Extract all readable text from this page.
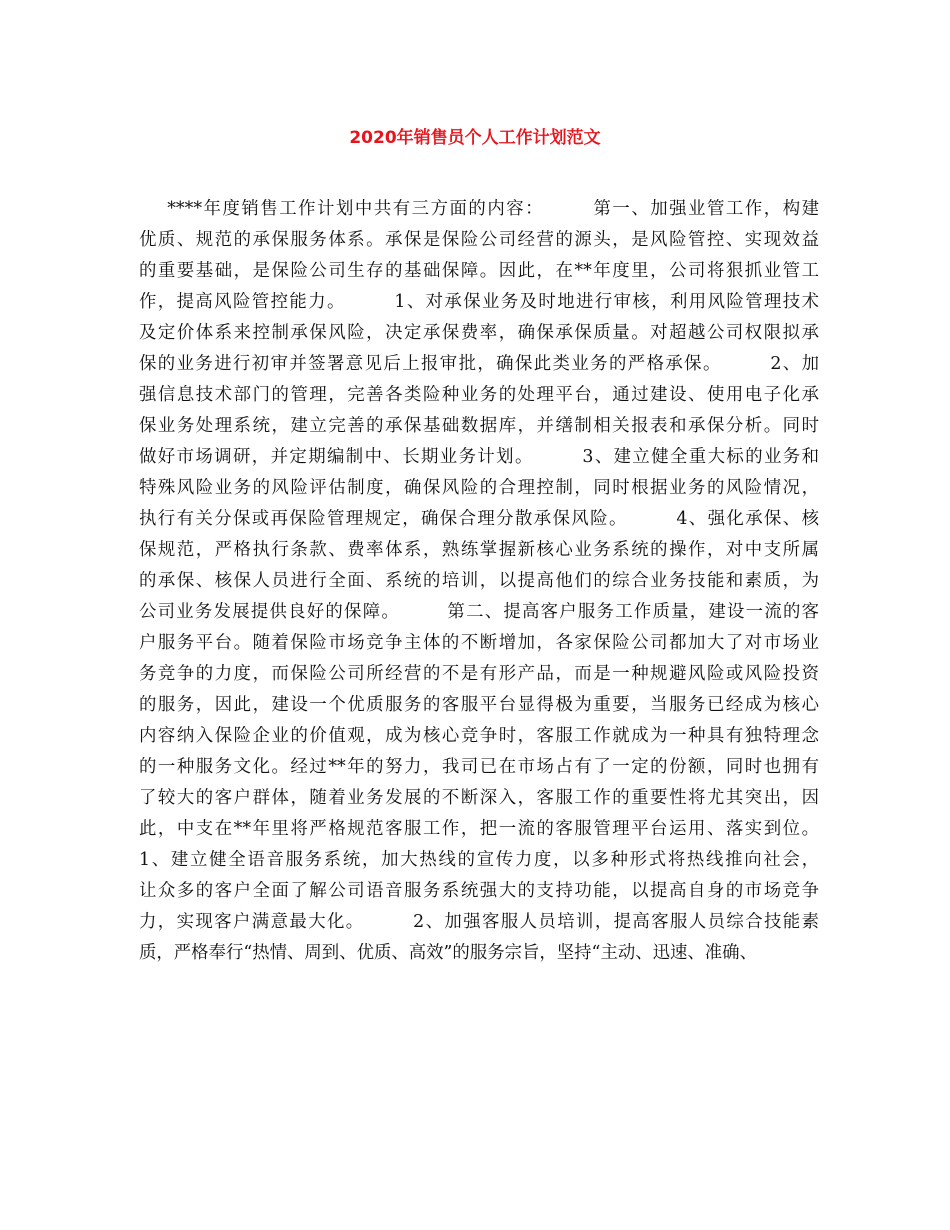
2020年销售员个人工作计划范文
****年度销售工作计划中共有三方面的内容：       第一、加强业管工作，构建
优质、规范的承保服务体系。承保是保险公司经营的源头，是风险管控、实现效益
的重要基础，是保险公司生存的基础保障。因此，在**年度里，公司将狠抓业管工
作，提高风险管控能力。       1、对承保业务及时地进行审核，利用风险管理技术
及定价体系来控制承保风险，决定承保费率，确保承保质量。对超越公司权限拟承
保的业务进行初审并签署意见后上报审批，确保此类业务的严格承保。       2、加
强信息技术部门的管理，完善各类险种业务的处理平台，通过建设、使用电子化承
保业务处理系统，建立完善的承保基础数据库，并缮制相关报表和承保分析。同时
做好市场调研，并定期编制中、长期业务计划。       3、建立健全重大标的业务和
特殊风险业务的风险评估制度，确保风险的合理控制，同时根据业务的风险情况，
执行有关分保或再保险管理规定，确保合理分散承保风险。       4、强化承保、核
保规范，严格执行条款、费率体系，熟练掌握新核心业务系统的操作，对中支所属
的承保、核保人员进行全面、系统的培训，以提高他们的综合业务技能和素质，为
公司业务发展提供良好的保障。       第二、提高客户服务工作质量，建设一流的客
户服务平台。随着保险市场竞争主体的不断增加，各家保险公司都加大了对市场业
务竞争的力度，而保险公司所经营的不是有形产品，而是一种规避风险或风险投资
的服务，因此，建设一个优质服务的客服平台显得极为重要，当服务已经成为核心
内容纳入保险企业的价值观，成为核心竞争时，客服工作就成为一种具有独特理念
的一种服务文化。经过**年的努力，我司已在市场占有了一定的份额，同时也拥有
了较大的客户群体，随着业务发展的不断深入，客服工作的重要性将尤其突出，因
此，中支在**年里将严格规范客服工作，把一流的客服管理平台运用、落实到位。
1、建立健全语音服务系统，加大热线的宣传力度，以多种形式将热线推向社会，
让众多的客户全面了解公司语音服务系统强大的支持功能，以提高自身的市场竞争
力，实现客户满意最大化。       2、加强客服人员培训，提高客服人员综合技能素
质，严格奉行“热情、周到、优质、高效”的服务宗旨，坚持“主动、迅速、准确、
